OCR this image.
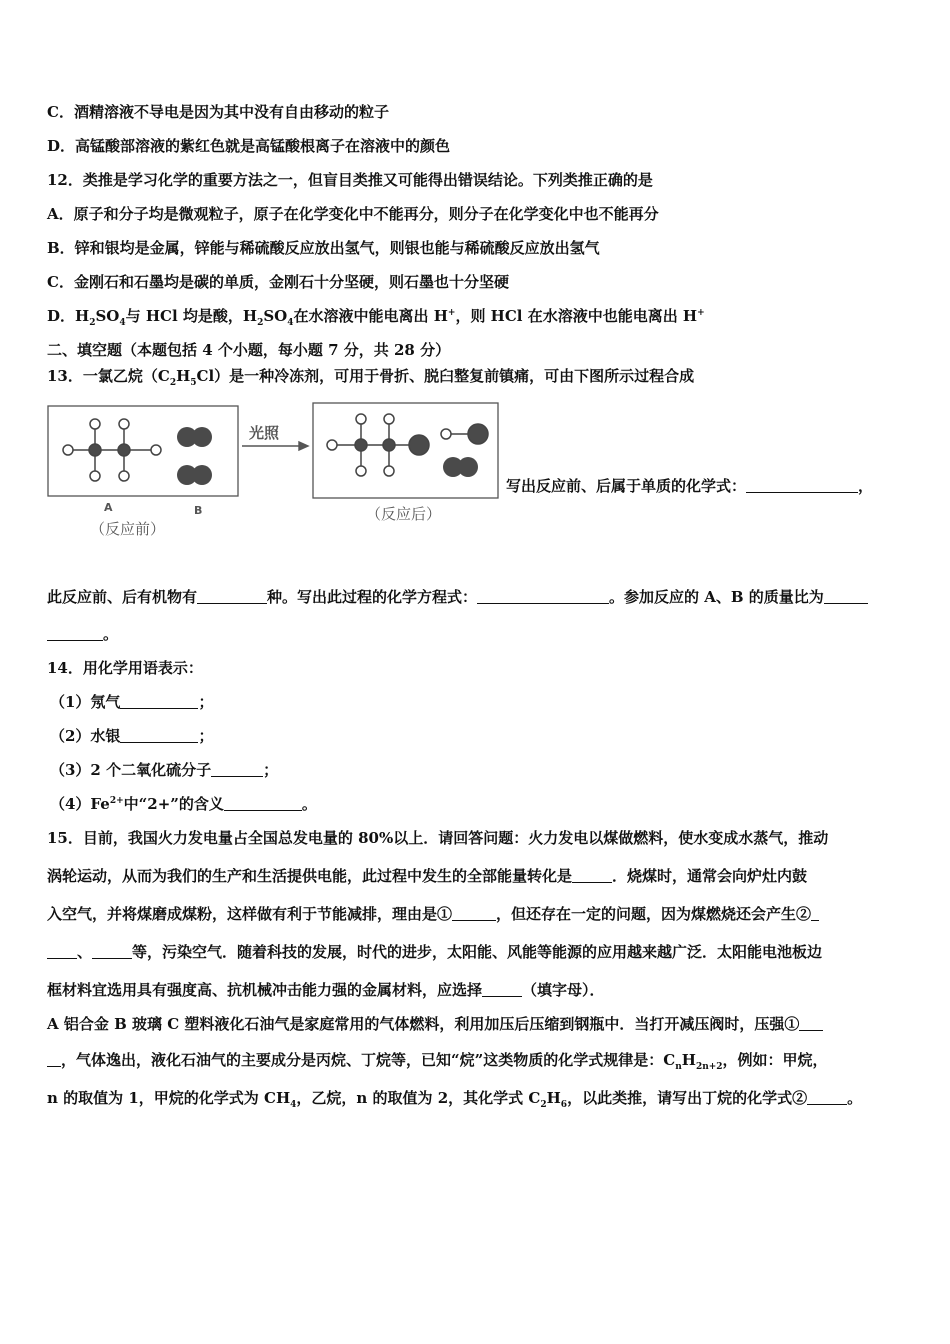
C．酒精溶液不导电是因为其中没有自由移动的粒子
D．高锰酸部溶液的紫红色就是高锰酸根离子在溶液中的颜色
12．类推是学习化学的重要方法之一，但盲目类推又可能得出错误结论。下列类推正确的是
A．原子和分子均是微观粒子，原子在化学变化中不能再分，则分子在化学变化中也不能再分
B．锌和银均是金属，锌能与稀硫酸反应放出氢气，则银也能与稀硫酸反应放出氢气
C．金刚石和石墨均是碳的单质，金刚石十分坚硬，则石墨也十分坚硬
D．$H_2SO_4$与 HCl 均是酸，$H_2SO_4$在水溶液中能电离出 H+，则 HCl 在水溶液中也能电离出 H+
二、填空题（本题包括 4 个小题，每小题 7 分，共 28 分）
13．一氯乙烷$(C_2H_5Cl)$是一种冷冻剂，可用于骨折、脱臼整复前镇痛，可由下图所示过程合成
光照
A	B
（反应前）
（反应后）
写出反应前、后属于单质的化学式：	，
此反应前、后有机物有	种。写出此过程的化学方程式：	。参加反应的 A、B 的质量比为
。
14．用化学用语表示：
（1）氖气	；
（2）水银	；
（3）2 个二氧化硫分子	；
$(4)Fe^{2+}$中“2+”的含义	。
15．目前，我国火力发电量占全国总发电量的 80%以上．请回答问题：火力发电以煤做燃料，使水变成水蒸气，推动
涡轮运动，从而为我们的生产和生活提供电能，此过程中发生的全部能量转化是	．烧煤时，通常会向炉灶内鼓
入空气，并将煤磨成煤粉，这样做有利于节能减排，理由是①	，但还存在一定的问题，因为煤燃烧还会产生②
、	等，污染空气．随着科技的发展，时代的进步，太阳能、风能等能源的应用越来越广泛．太阳能电池板边
框材料宜选用具有强度高、抗机械冲击能力强的金属材料，应选择	（填字母）．
A 铝合金 B 玻璃 C 塑料液化石油气是家庭常用的气体燃料，利用加压后压缩到钢瓶中．当打开减压阀时，压强①
，气体逸出，液化石油气的主要成分是丙烷、丁烷等，已知“烷”这类物质的化学式规律是：$C_nH_{2n+2}$，例如：甲烷，
n 的取值为 1，甲烷的化学式为 $CH_4$，乙烷，n 的取值为 2，其化学式 $C_2H_6$，以此类推，请写出丁烷的化学式②	。
